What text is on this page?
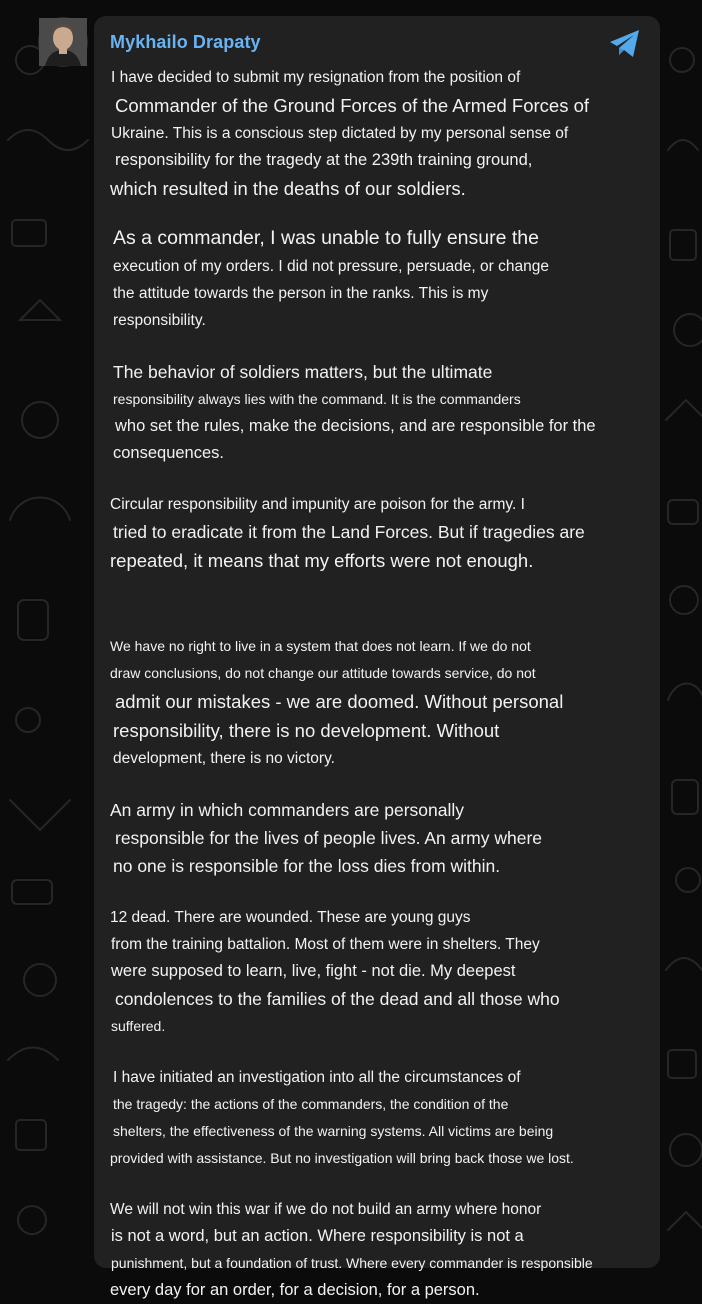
Mykhailo Drapaty
I have decided to submit my resignation from the position of
Commander of the Ground Forces of the Armed Forces of
Ukraine. This is a conscious step dictated by my personal sense of
responsibility for the tragedy at the 239th training ground,
which resulted in the deaths of our soldiers.
As a commander, I was unable to fully ensure the
execution of my orders. I did not pressure, persuade, or change
the attitude towards the person in the ranks. This is my
responsibility.
The behavior of soldiers matters, but the ultimate
responsibility always lies with the command. It is the commanders
who set the rules, make the decisions, and are responsible for the
consequences.
Circular responsibility and impunity are poison for the army. I
tried to eradicate it from the Land Forces. But if tragedies are
repeated, it means that my efforts were not enough.
We have no right to live in a system that does not learn. If we do not
draw conclusions, do not change our attitude towards service, do not
admit our mistakes - we are doomed. Without personal
responsibility, there is no development. Without
development, there is no victory.
An army in which commanders are personally
responsible for the lives of people lives. An army where
no one is responsible for the loss dies from within.
12 dead. There are wounded. These are young guys
from the training battalion. Most of them were in shelters. They
were supposed to learn, live, fight - not die. My deepest
condolences to the families of the dead and all those who
suffered.
I have initiated an investigation into all the circumstances of
the tragedy: the actions of the commanders, the condition of the
shelters, the effectiveness of the warning systems. All victims are being
provided with assistance. But no investigation will bring back those we lost.
We will not win this war if we do not build an army where honor
is not a word, but an action. Where responsibility is not a
punishment, but a foundation of trust. Where every commander is responsible
every day for an order, for a decision, for a person.
